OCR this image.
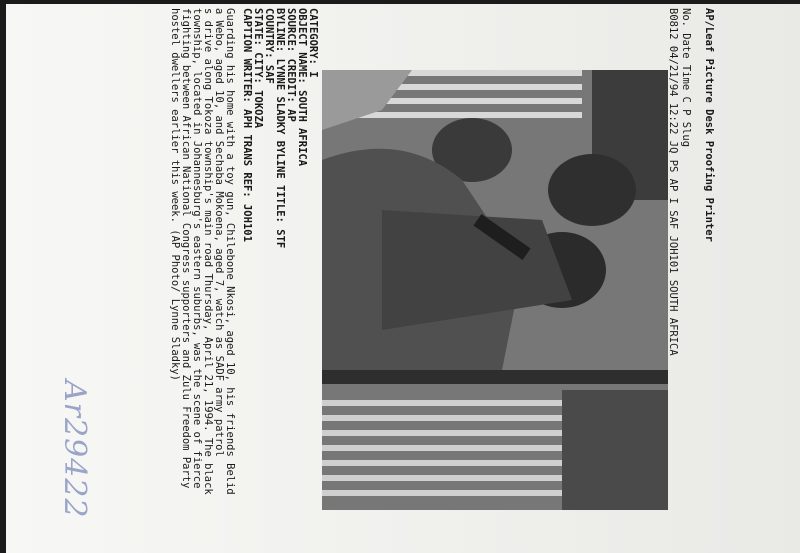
AP/Leaf Picture Desk Proofing Printer
No. Date Time C P Slug
B0812 04/21/94 12:22 JQ PS AP I SAF JOH101 SOUTH AFRICA
CATEGORY: I
OBJECT NAME: SOUTH AFRICA
SOURCE: CREDIT: AP
BYLINE: LYNNE SLADKY BYLINE TITLE: STF
COUNTRY: SAF
STATE: CITY: TOKOZA
CAPTION WRITER: APH TRANS REF: JOH101
Guarding his home with a toy gun, Chilebone Nkosi, aged 10, his friends Belid
a Webo, aged 10, and Sechaba Mokoena, aged 7, watch as SADF army patrol
s drive along Tokoza township's main road Thursday, April 21, 1994. The black
township, located in Johannesburg's eastern suburbs, was the scene of fierce
fighting between African National Congress supporters and Zulu Freedom Party
hostel dwellers earlier this week. (AP Photo/ Lynne Sladky)
Ar29422
